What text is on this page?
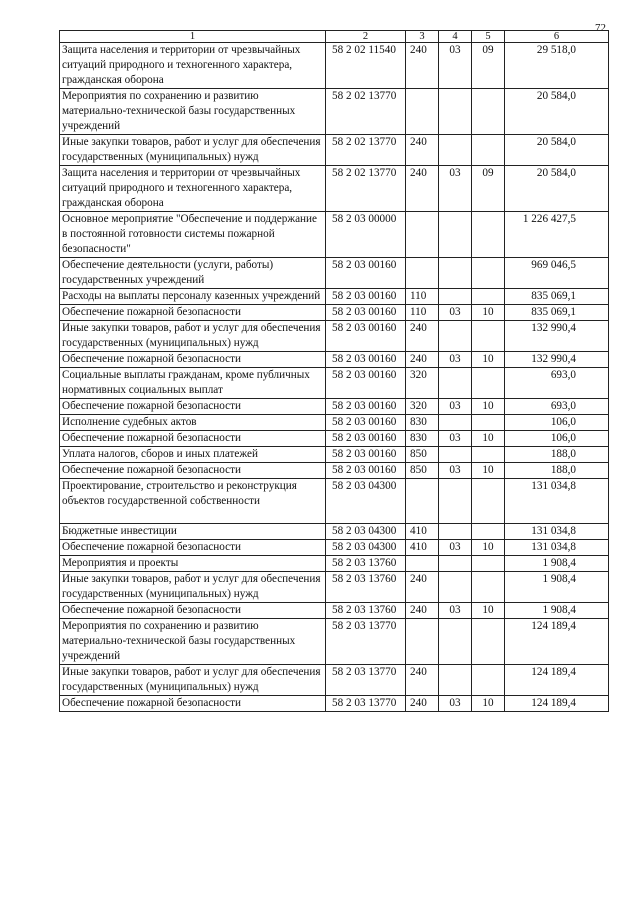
72
1	2	3	4	5	6
Защита населения и территории от чрезвычайных ситуаций природного и техногенного характера, гражданская оборона	58 2 02 11540	240	03	09	29 518,0
Мероприятия по сохранению и развитию материально-технической базы государственных учреждений	58 2 02 13770				20 584,0
Иные закупки товаров, работ и услуг для обеспечения государственных (муниципальных) нужд	58 2 02 13770	240			20 584,0
Защита населения и территории от чрезвычайных ситуаций природного и техногенного характера, гражданская оборона	58 2 02 13770	240	03	09	20 584,0
Основное мероприятие "Обеспечение и поддержание в постоянной готовности системы пожарной безопасности"	58 2 03 00000				1 226 427,5
Обеспечение деятельности (услуги, работы) государственных учреждений	58 2 03 00160				969 046,5
Расходы на выплаты персоналу казенных учреждений	58 2 03 00160	110			835 069,1
Обеспечение пожарной безопасности	58 2 03 00160	110	03	10	835 069,1
Иные закупки товаров, работ и услуг для обеспечения государственных (муниципальных) нужд	58 2 03 00160	240			132 990,4
Обеспечение пожарной безопасности	58 2 03 00160	240	03	10	132 990,4
Социальные выплаты гражданам, кроме публичных нормативных социальных выплат	58 2 03 00160	320			693,0
Обеспечение пожарной безопасности	58 2 03 00160	320	03	10	693,0
Исполнение судебных актов	58 2 03 00160	830			106,0
Обеспечение пожарной безопасности	58 2 03 00160	830	03	10	106,0
Уплата налогов, сборов и иных платежей	58 2 03 00160	850			188,0
Обеспечение пожарной безопасности	58 2 03 00160	850	03	10	188,0
Проектирование, строительство и реконструкция объектов государственной собственности	58 2 03 04300				131 034,8
Бюджетные инвестиции	58 2 03 04300	410			131 034,8
Обеспечение пожарной безопасности	58 2 03 04300	410	03	10	131 034,8
Мероприятия и проекты	58 2 03 13760				1 908,4
Иные закупки товаров, работ и услуг для обеспечения государственных (муниципальных) нужд	58 2 03 13760	240			1 908,4
Обеспечение пожарной безопасности	58 2 03 13760	240	03	10	1 908,4
Мероприятия по сохранению и развитию материально-технической базы государственных учреждений	58 2 03 13770				124 189,4
Иные закупки товаров, работ и услуг для обеспечения государственных (муниципальных) нужд	58 2 03 13770	240			124 189,4
Обеспечение пожарной безопасности	58 2 03 13770	240	03	10	124 189,4
